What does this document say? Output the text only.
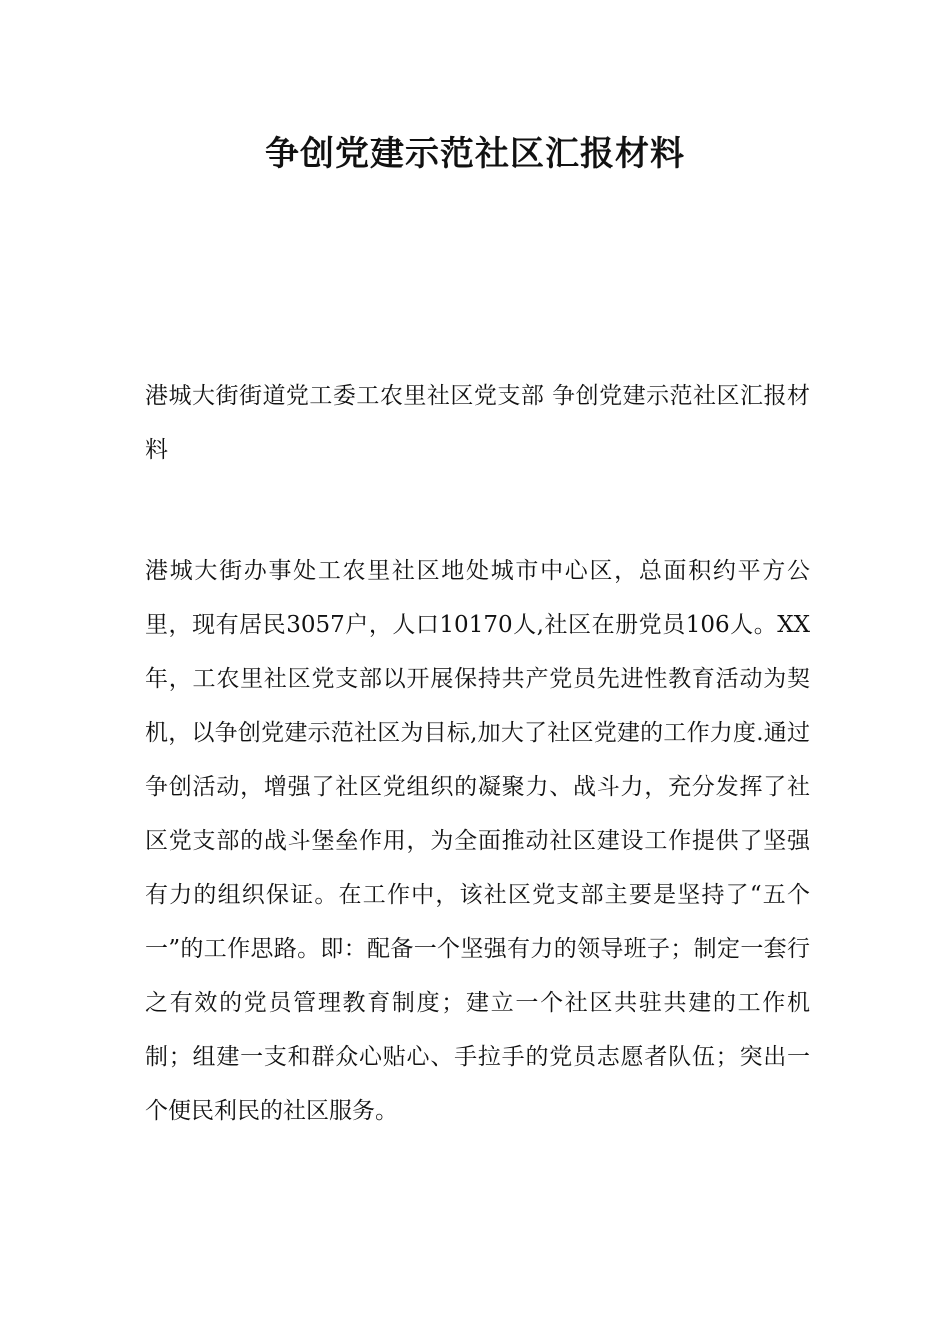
争创党建示范社区汇报材料

港城大街街道党工委工农里社区党支部 争创党建示范社区汇报材料

港城大街办事处工农里社区地处城市中心区，总面积约平方公里，现有居民3057户，人口10170人,社区在册党员106人。XX年，工农里社区党支部以开展保持共产党员先进性教育活动为契机，以争创党建示范社区为目标,加大了社区党建的工作力度.通过争创活动，增强了社区党组织的凝聚力、战斗力，充分发挥了社区党支部的战斗堡垒作用，为全面推动社区建设工作提供了坚强有力的组织保证。在工作中，该社区党支部主要是坚持了“五个一”的工作思路。即：配备一个坚强有力的领导班子；制定一套行之有效的党员管理教育制度；建立一个社区共驻共建的工作机制；组建一支和群众心贴心、手拉手的党员志愿者队伍；突出一个便民利民的社区服务。
